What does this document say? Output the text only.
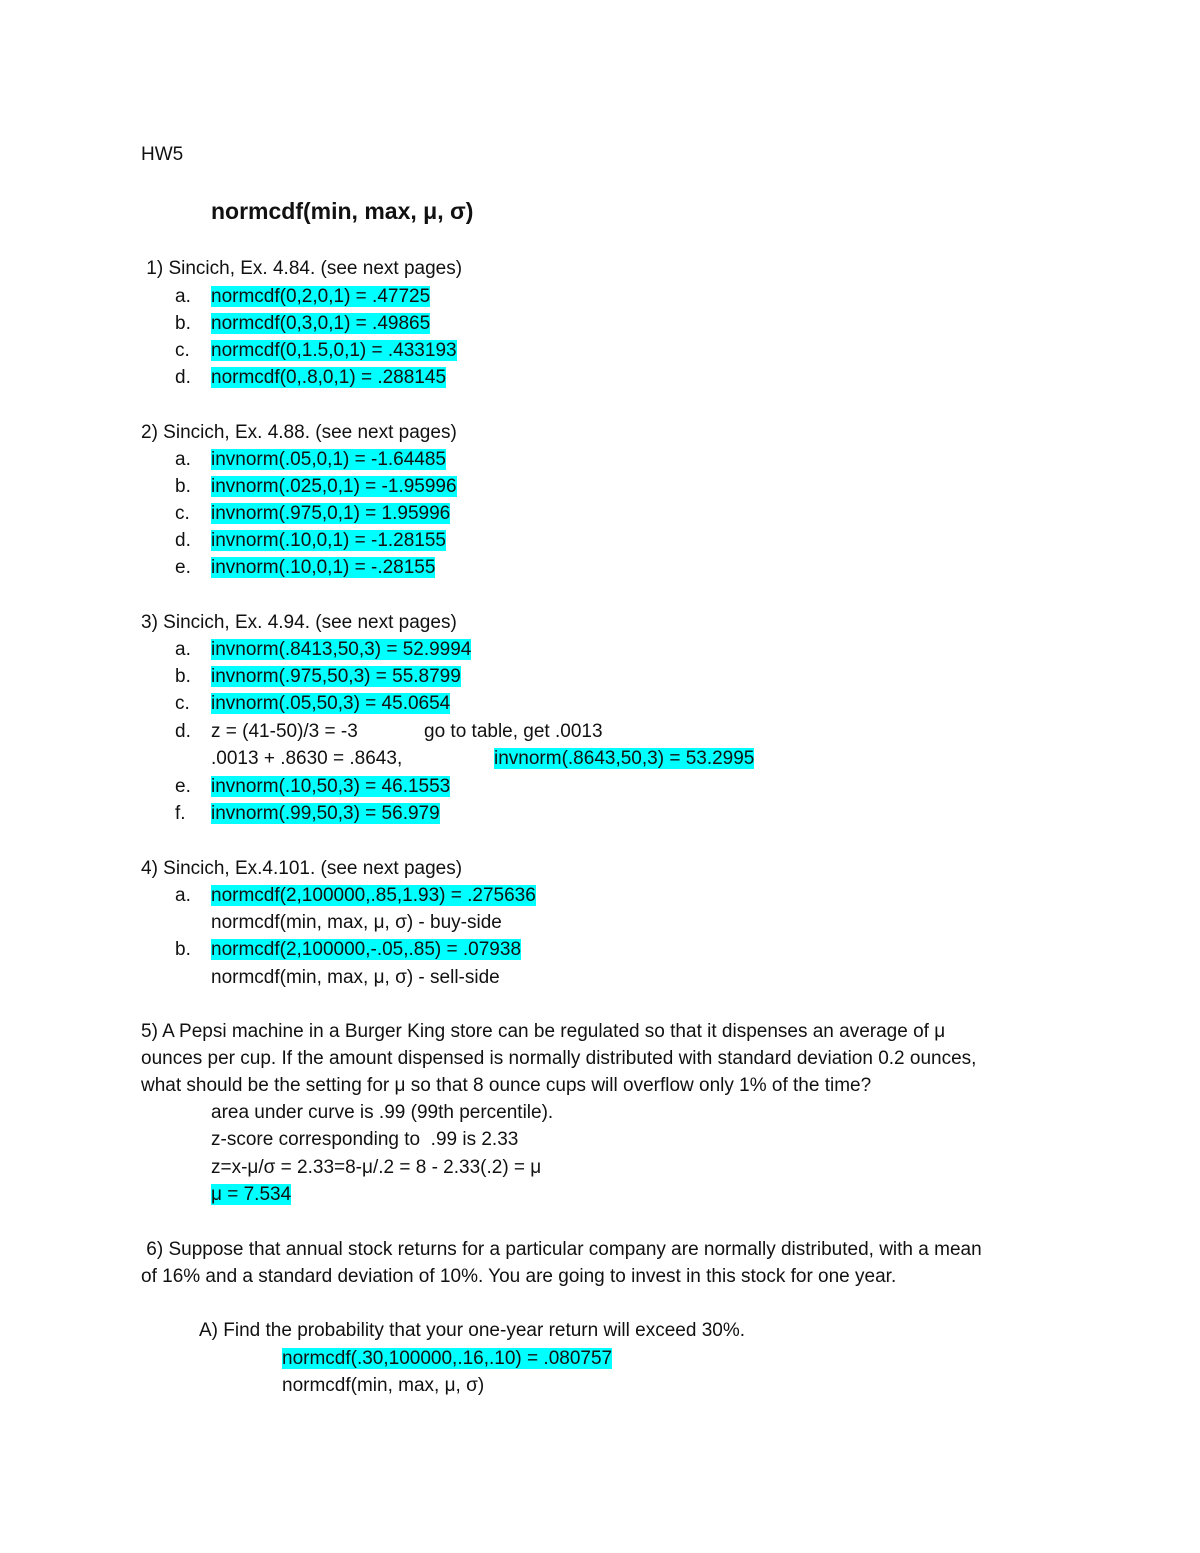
HW5
normcdf(min, max, μ, σ)
1) Sincich, Ex. 4.84. (see next pages)
a. normcdf(0,2,0,1) = .47725
b. normcdf(0,3,0,1) = .49865
c. normcdf(0,1.5,0,1) = .433193
d. normcdf(0,.8,0,1) = .288145
2) Sincich, Ex. 4.88. (see next pages)
a. invnorm(.05,0,1) = -1.64485
b. invnorm(.025,0,1) = -1.95996
c. invnorm(.975,0,1) = 1.95996
d. invnorm(.10,0,1) = -1.28155
e. invnorm(.10,0,1) = -.28155
3) Sincich, Ex. 4.94. (see next pages)
a. invnorm(.8413,50,3) = 52.9994
b. invnorm(.975,50,3) = 55.8799
c. invnorm(.05,50,3) = 45.0654
d. z = (41-50)/3 = -3	go to table, get .0013
.0013 + .8630 = .8643,	invnorm(.8643,50,3) = 53.2995
e. invnorm(.10,50,3) = 46.1553
f. invnorm(.99,50,3) = 56.979
4) Sincich, Ex.4.101. (see next pages)
a. normcdf(2,100000,.85,1.93) = .275636
normcdf(min, max, μ, σ) - buy-side
b. normcdf(2,100000,-.05,.85) = .07938
normcdf(min, max, μ, σ) - sell-side
5) A Pepsi machine in a Burger King store can be regulated so that it dispenses an average of μ
ounces per cup. If the amount dispensed is normally distributed with standard deviation 0.2 ounces,
what should be the setting for μ so that 8 ounce cups will overflow only 1% of the time?
area under curve is .99 (99th percentile).
z-score corresponding to  .99 is 2.33
z=x-μ/σ = 2.33=8-μ/.2 = 8 - 2.33(.2) = μ
μ = 7.534
6) Suppose that annual stock returns for a particular company are normally distributed, with a mean
of 16% and a standard deviation of 10%. You are going to invest in this stock for one year.
A) Find the probability that your one-year return will exceed 30%.
normcdf(.30,100000,.16,.10) = .080757
normcdf(min, max, μ, σ)
